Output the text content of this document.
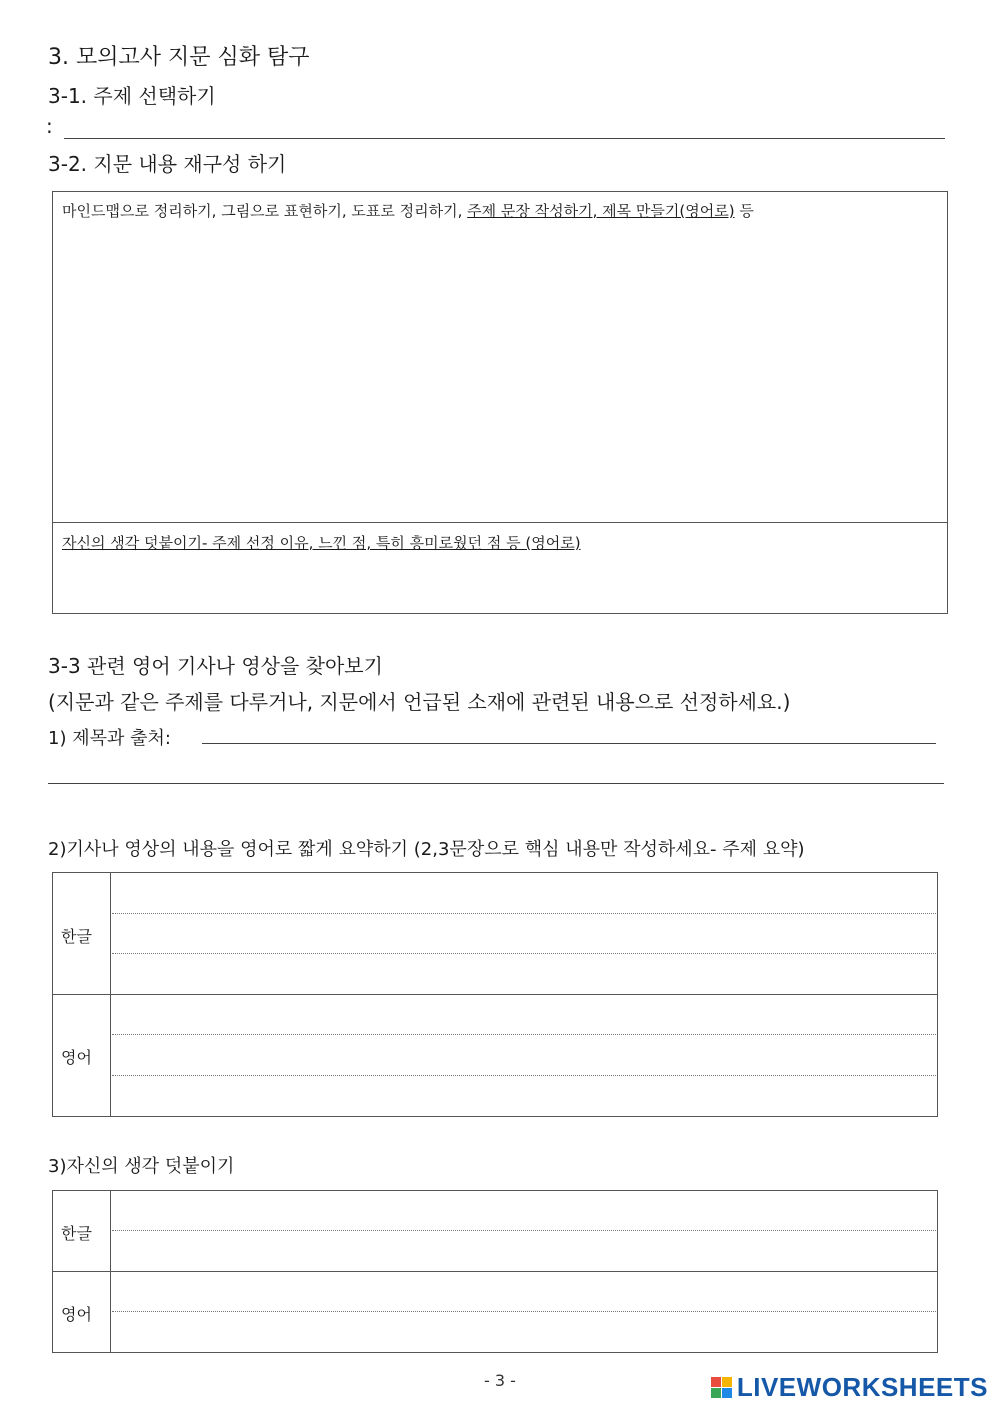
3. 모의고사 지문 심화 탐구
3-1. 주제 선택하기
:
3-2. 지문 내용 재구성 하기
마인드맵으로 정리하기, 그림으로 표현하기, 도표로 정리하기, 주제 문장 작성하기, 제목 만들기(영어로) 등
자신의 생각 덧붙이기- 주제 선정 이유, 느낀 점, 특히 흥미로웠던 점 등 (영어로)
3-3 관련 영어 기사나 영상을 찾아보기
(지문과 같은 주제를 다루거나, 지문에서 언급된 소재에 관련된 내용으로 선정하세요.)
1) 제목과 출처:
2)기사나 영상의 내용을 영어로 짧게 요약하기 (2,3문장으로 핵심 내용만 작성하세요- 주제 요약)
한글
영어
3)자신의 생각 덧붙이기
한글
영어
- 3 -	LIVEWORKSHEETS
